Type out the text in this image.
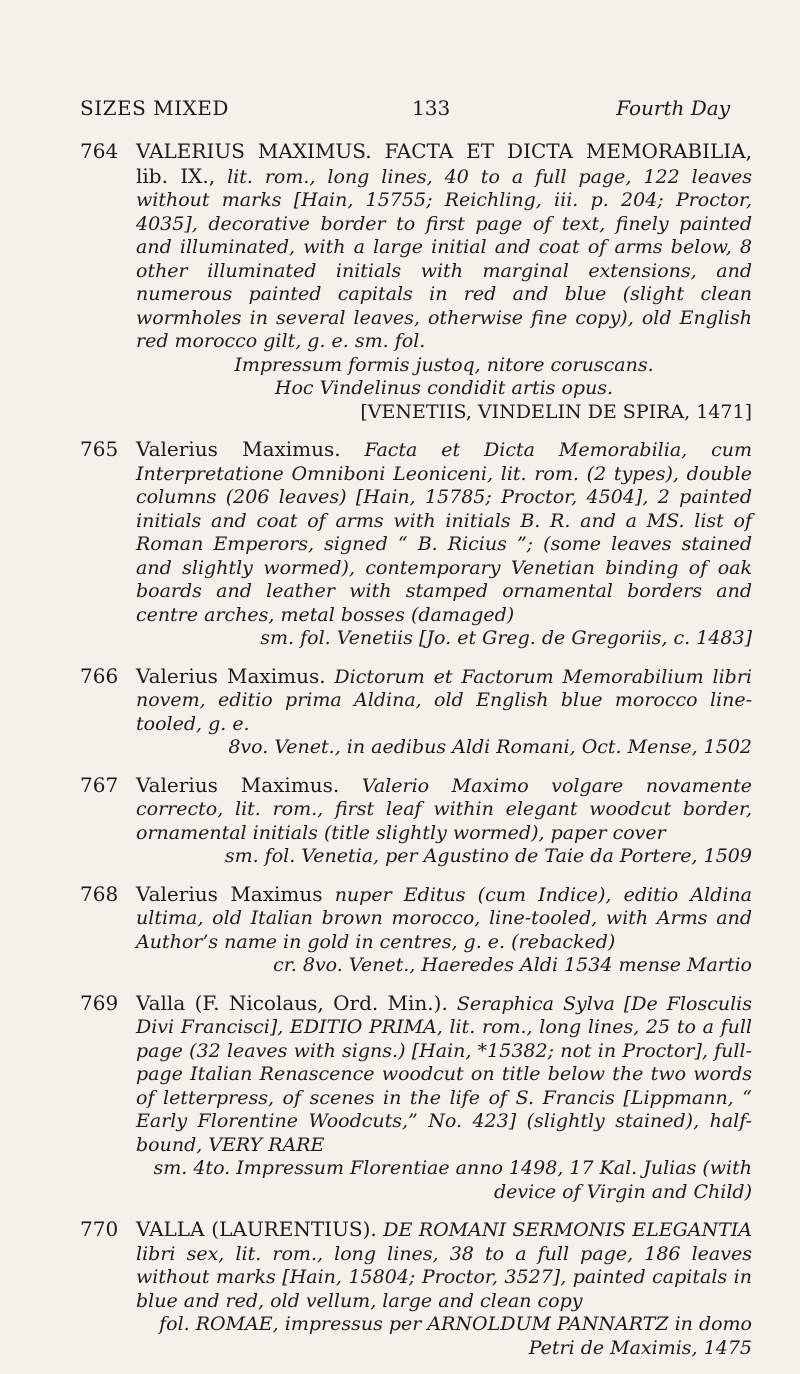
SIZES MIXED	133	Fourth Day
764 VALERIUS MAXIMUS. FACTA ET DICTA MEMORABILIA, lib. IX., lit. rom., long lines, 40 to a full page, 122 leaves without marks [Hain, 15755; Reichling, iii. p. 204; Proctor, 4035], decorative border to first page of text, finely painted and illuminated, with a large initial and coat of arms below, 8 other illuminated initials with marginal extensions, and numerous painted capitals in red and blue (slight clean wormholes in several leaves, otherwise fine copy), old English red morocco gilt, g. e. sm. fol.
Impressum formis justoq, nitore coruscans.
Hoc Vindelinus condidit artis opus.
[VENETIIS, VINDELIN DE SPIRA, 1471]
765 Valerius Maximus. Facta et Dicta Memorabilia, cum Interpretatione Omniboni Leoniceni, lit. rom. (2 types), double columns (206 leaves) [Hain, 15785; Proctor, 4504], 2 painted initials and coat of arms with initials B. R. and a MS. list of Roman Emperors, signed “ B. Ricius ”; (some leaves stained and slightly wormed), contemporary Venetian binding of oak boards and leather with stamped ornamental borders and centre arches, metal bosses (damaged)
sm. fol. Venetiis [Jo. et Greg. de Gregoriis, c. 1483]
766 Valerius Maximus. Dictorum et Factorum Memorabilium libri novem, editio prima Aldina, old English blue morocco line-tooled, g. e.
8vo. Venet., in aedibus Aldi Romani, Oct. Mense, 1502
767 Valerius Maximus. Valerio Maximo volgare novamente correcto, lit. rom., first leaf within elegant woodcut border, ornamental initials (title slightly wormed), paper cover
sm. fol. Venetia, per Agustino de Taie da Portere, 1509
768 Valerius Maximus nuper Editus (cum Indice), editio Aldina ultima, old Italian brown morocco, line-tooled, with Arms and Author’s name in gold in centres, g. e. (rebacked)
cr. 8vo. Venet., Haeredes Aldi 1534 mense Martio
769 Valla (F. Nicolaus, Ord. Min.). Seraphica Sylva [De Flosculis Divi Francisci], EDITIO PRIMA, lit. rom., long lines, 25 to a full page (32 leaves with signs.) [Hain, *15382; not in Proctor], full-page Italian Renascence woodcut on title below the two words of letterpress, of scenes in the life of S. Francis [Lippmann, “ Early Florentine Woodcuts,” No. 423] (slightly stained), half-bound, VERY RARE
sm. 4to. Impressum Florentiae anno 1498, 17 Kal. Julias (with device of Virgin and Child)
770 VALLA (LAURENTIUS). DE ROMANI SERMONIS ELEGANTIA libri sex, lit. rom., long lines, 38 to a full page, 186 leaves without marks [Hain, 15804; Proctor, 3527], painted capitals in blue and red, old vellum, large and clean copy
fol. ROMAE, impressus per ARNOLDUM PANNARTZ in domo Petri de Maximis, 1475
